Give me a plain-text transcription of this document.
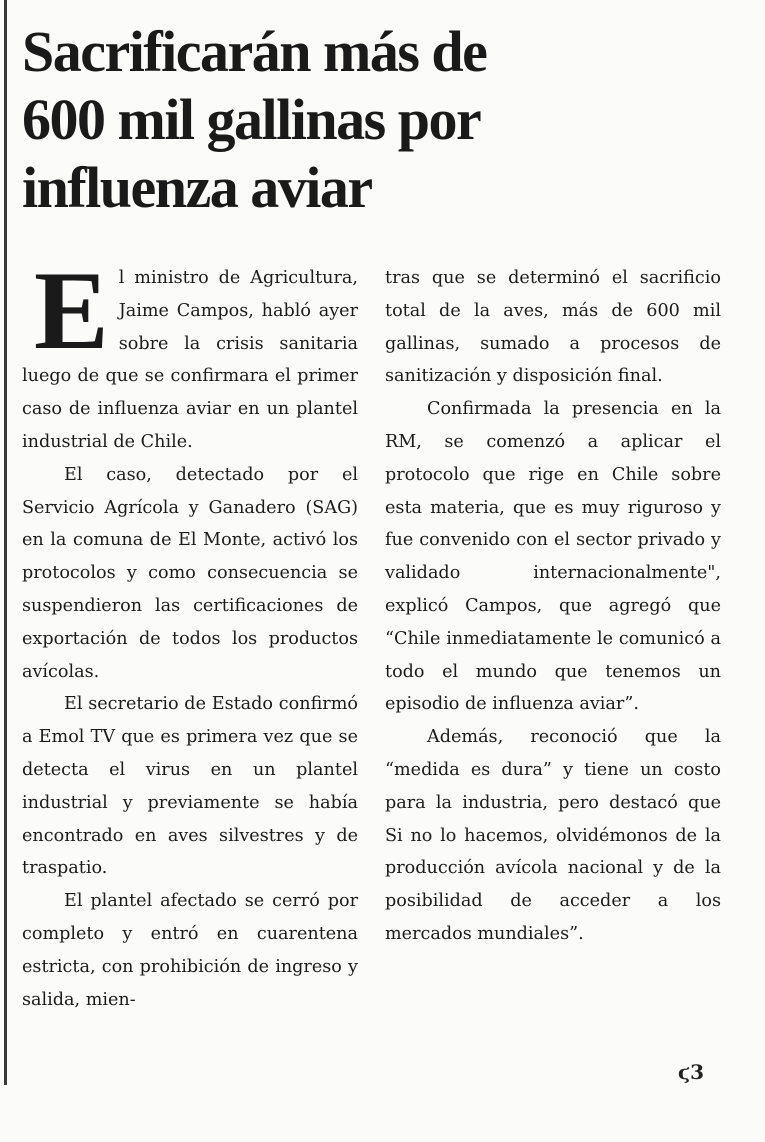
Sacrificarán más de
600 mil gallinas por
influenza aviar

El ministro de Agricultura, Jaime Campos, habló ayer sobre la crisis sanitaria luego de que se confirmara el primer caso de influenza aviar en un plantel industrial de Chile.

El caso, detectado por el Servicio Agrícola y Ganadero (SAG) en la comuna de El Monte, activó los protocolos y como consecuencia se suspendieron las certificaciones de exportación de todos los productos avícolas.

El secretario de Estado confirmó a Emol TV que es primera vez que se detecta el virus en un plantel industrial y previamente se había encontrado en aves silvestres y de traspatio.

El plantel afectado se cerró por completo y entró en cuarentena estricta, con prohibición de ingreso y salida, mien-

tras que se determinó el sacrificio total de la aves, más de 600 mil gallinas, sumado a procesos de sanitización y disposición final.

Confirmada la presencia en la RM, se comenzó a aplicar el protocolo que rige en Chile sobre esta materia, que es muy riguroso y fue convenido con el sector privado y validado internacionalmente", explicó Campos, que agregó que “Chile inmediatamente le comunicó a todo el mundo que tenemos un episodio de influenza aviar”.

Además, reconoció que la “medida es dura” y tiene un costo para la industria, pero destacó que Si no lo hacemos, olvidémonos de la producción avícola nacional y de la posibilidad de acceder a los mercados mundiales”.

ϛ3
